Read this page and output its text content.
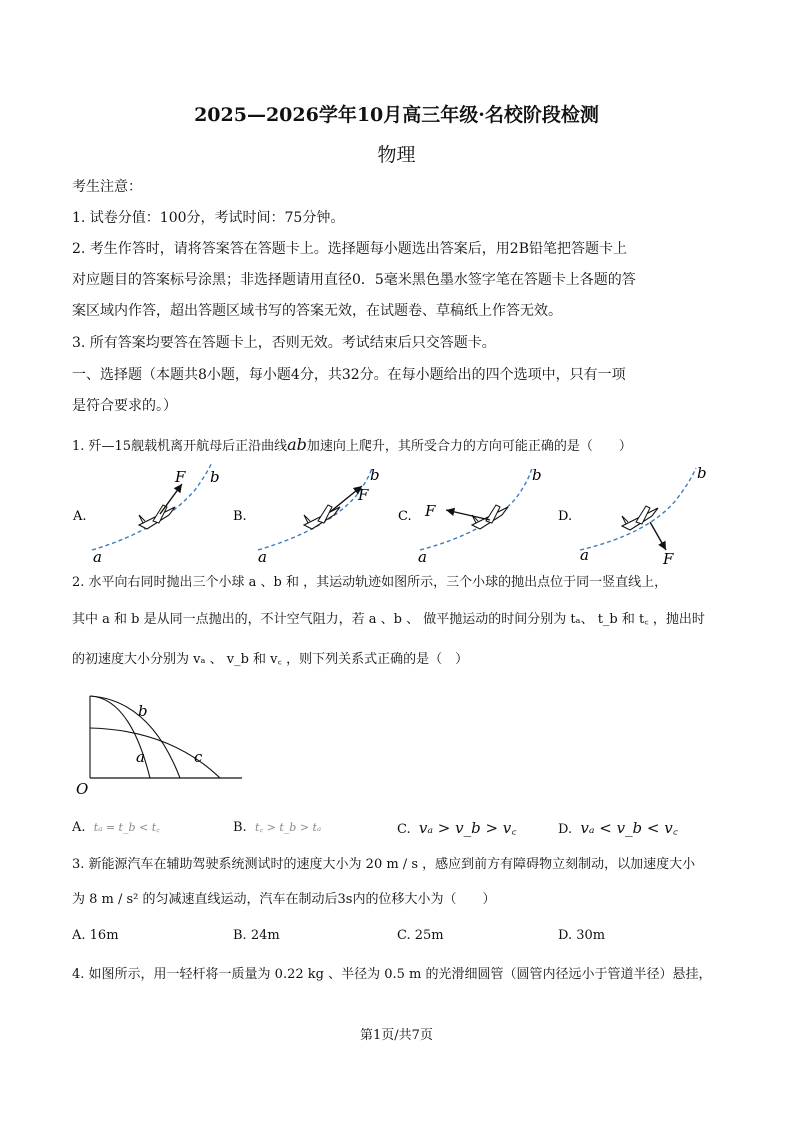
2025—2026学年10月高三年级·名校阶段检测
物理
考生注意：
1. 试卷分值：100分，考试时间：75分钟。
2. 考生作答时，请将答案答在答题卡上。选择题每小题选出答案后，用2B铅笔把答题卡上
对应题目的答案标号涂黑；非选择题请用直径0．5毫米黑色墨水签字笔在答题卡上各题的答
案区域内作答，超出答题区域书写的答案无效，在试题卷、草稿纸上作答无效。
3. 所有答案均要答在答题卡上，否则无效。考试结束后只交答题卡。
一、选择题（本题共8小题，每小题4分，共32分。在每小题给出的四个选项中，只有一项
是符合要求的。）
1. 歼—15舰载机离开航母后正沿曲线ab加速向上爬升，其所受合力的方向可能正确的是（　　）
A.
F
a
b
B.
F
a
b
C. F
a
b
D.
F
a
b
2. 水平向右同时抛出三个小球 a 、b 和 ，其运动轨迹如图所示，三个小球的抛出点位于同一竖直线上，
其中 a 和 b 是从同一点抛出的，不计空气阻力，若 a 、b 、 做平抛运动的时间分别为 tₐ、 t_b 和 t꜀ ，抛出时
的初速度大小分别为 vₐ 、 v_b 和 v꜀ ，则下列关系式正确的是（　）
a
b
c
O
A. tₐ = t_b < t꜀	B. t꜀ > t_b > tₐ	C. vₐ > v_b > v꜀	D. vₐ < v_b < v꜀
3. 新能源汽车在辅助驾驶系统测试时的速度大小为 20 m / s ，感应到前方有障碍物立刻制动，以加速度大小
为 8 m / s² 的匀减速直线运动，汽车在制动后3s内的位移大小为（　　）
A. 16m	B. 24m	C. 25m	D. 30m
4. 如图所示，用一轻杆将一质量为 0.22 kg 、半径为 0.5 m 的光滑细圆管（圆管内径远小于管道半径）悬挂，
第1页/共7页
